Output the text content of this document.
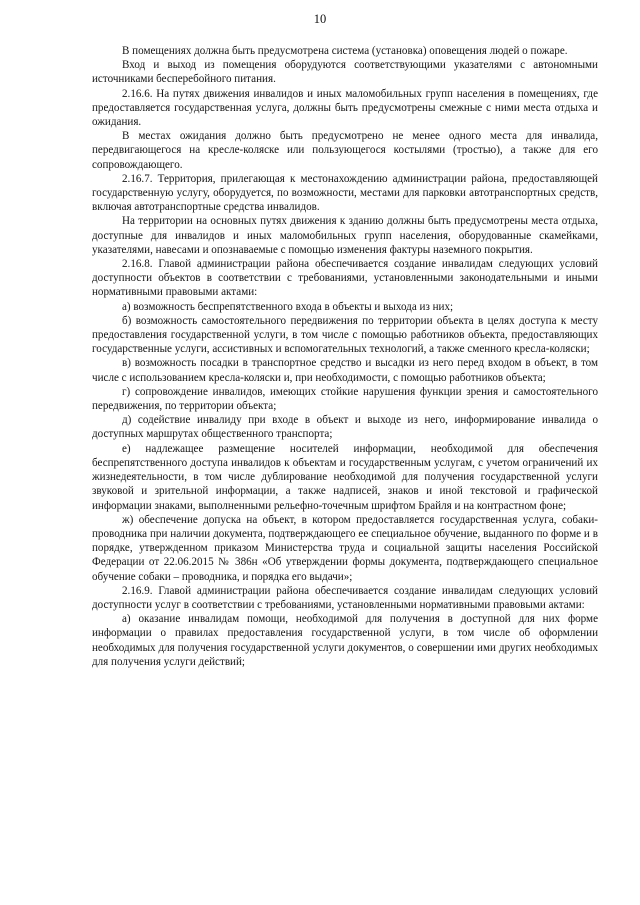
10

В помещениях должна быть предусмотрена система (установка) оповещения людей о пожаре.

Вход и выход из помещения оборудуются соответствующими указателями с автономными источниками бесперебойного питания.

2.16.6. На путях движения инвалидов и иных маломобильных групп населения в помещениях, где предоставляется государственная услуга, должны быть предусмотрены смежные с ними места отдыха и ожидания.

В местах ожидания должно быть предусмотрено не менее одного места для инвалида, передвигающегося на кресле-коляске или пользующегося костылями (тростью), а также для его сопровождающего.

2.16.7. Территория, прилегающая к местонахождению администрации района, предоставляющей государственную услугу, оборудуется, по возможности, местами для парковки автотранспортных средств, включая автотранспортные средства инвалидов.

На территории на основных путях движения к зданию должны быть предусмотрены места отдыха, доступные для инвалидов и иных маломобильных групп населения, оборудованные скамейками, указателями, навесами и опознаваемые с помощью изменения фактуры наземного покрытия.

2.16.8. Главой администрации района обеспечивается создание инвалидам следующих условий доступности объектов в соответствии с требованиями, установленными законодательными и иными нормативными правовыми актами:

а) возможность беспрепятственного входа в объекты и выхода из них;

б) возможность самостоятельного передвижения по территории объекта в целях доступа к месту предоставления государственной услуги, в том числе с помощью работников объекта, предоставляющих государственные услуги, ассистивных и вспомогательных технологий, а также сменного кресла-коляски;

в) возможность посадки в транспортное средство и высадки из него перед входом в объект, в том числе с использованием кресла-коляски и, при необходимости, с помощью работников объекта;

г) сопровождение инвалидов, имеющих стойкие нарушения функции зрения и самостоятельного передвижения, по территории объекта;

д) содействие инвалиду при входе в объект и выходе из него, информирование инвалида о доступных маршрутах общественного транспорта;

е) надлежащее размещение носителей информации, необходимой для обеспечения беспрепятственного доступа инвалидов к объектам и государственным услугам, с учетом ограничений их жизнедеятельности, в том числе дублирование необходимой для получения государственной услуги звуковой и зрительной информации, а также надписей, знаков и иной текстовой и графической информации знаками, выполненными рельефно-точечным шрифтом Брайля и на контрастном фоне;

ж) обеспечение допуска на объект, в котором предоставляется государственная услуга, собаки-проводника при наличии документа, подтверждающего ее специальное обучение, выданного по форме и в порядке, утвержденном приказом Министерства труда и социальной защиты населения Российской Федерации от 22.06.2015 № 386н «Об утверждении формы документа, подтверждающего специальное обучение собаки – проводника, и порядка его выдачи»;

2.16.9. Главой администрации района обеспечивается создание инвалидам следующих условий доступности услуг в соответствии с требованиями, установленными нормативными правовыми актами:

а) оказание инвалидам помощи, необходимой для получения в доступной для них форме информации о правилах предоставления государственной услуги, в том числе об оформлении необходимых для получения государственной услуги документов, о совершении ими других необходимых для получения услуги действий;
